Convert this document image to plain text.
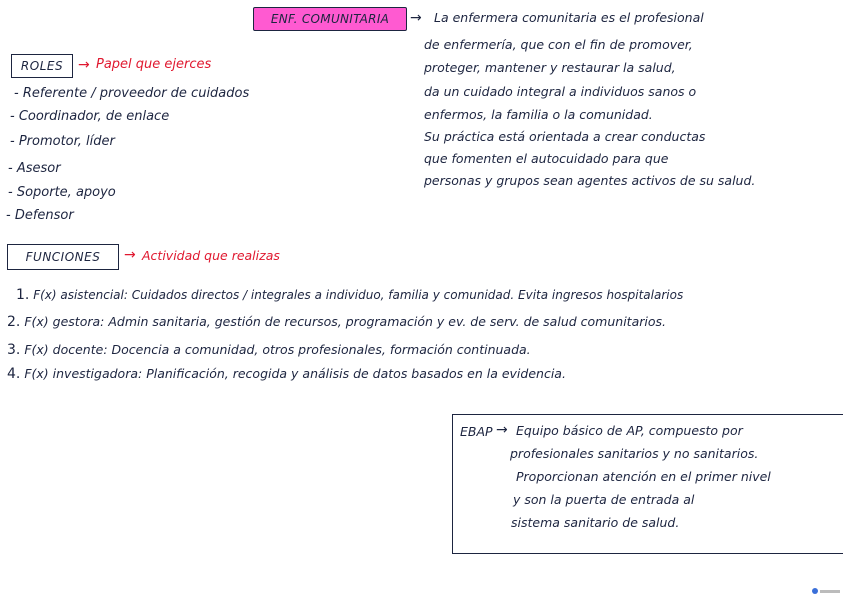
ENF. COMUNITARIA → La enfermera comunitaria es el profesional
de enfermería, que con el fin de promover,
proteger, mantener y restaurar la salud,
da un cuidado integral a individuos sanos o
enfermos, la familia o la comunidad.
Su práctica está orientada a crear conductas
que fomenten el autocuidado para que
personas y grupos sean agentes activos de su salud.
ROLES → Papel que ejerces
- Referente / proveedor de cuidados
- Coordinador, de enlace
- Promotor, líder
- Asesor
- Soporte, apoyo
- Defensor
FUNCIONES → Actividad que realizas
1. F(x) asistencial: Cuidados directos / integrales a individuo, familia y comunidad. Evita ingresos hospitalarios
2. F(x) gestora: Admin sanitaria, gestión de recursos, programación y ev. de serv. de salud comunitarios.
3. F(x) docente: Docencia a comunidad, otros profesionales, formación continuada.
4. F(x) investigadora: Planificación, recogida y análisis de datos basados en la evidencia.
EBAP → Equipo básico de AP, compuesto por
profesionales sanitarios y no sanitarios.
Proporcionan atención en el primer nivel
y son la puerta de entrada al
sistema sanitario de salud.
